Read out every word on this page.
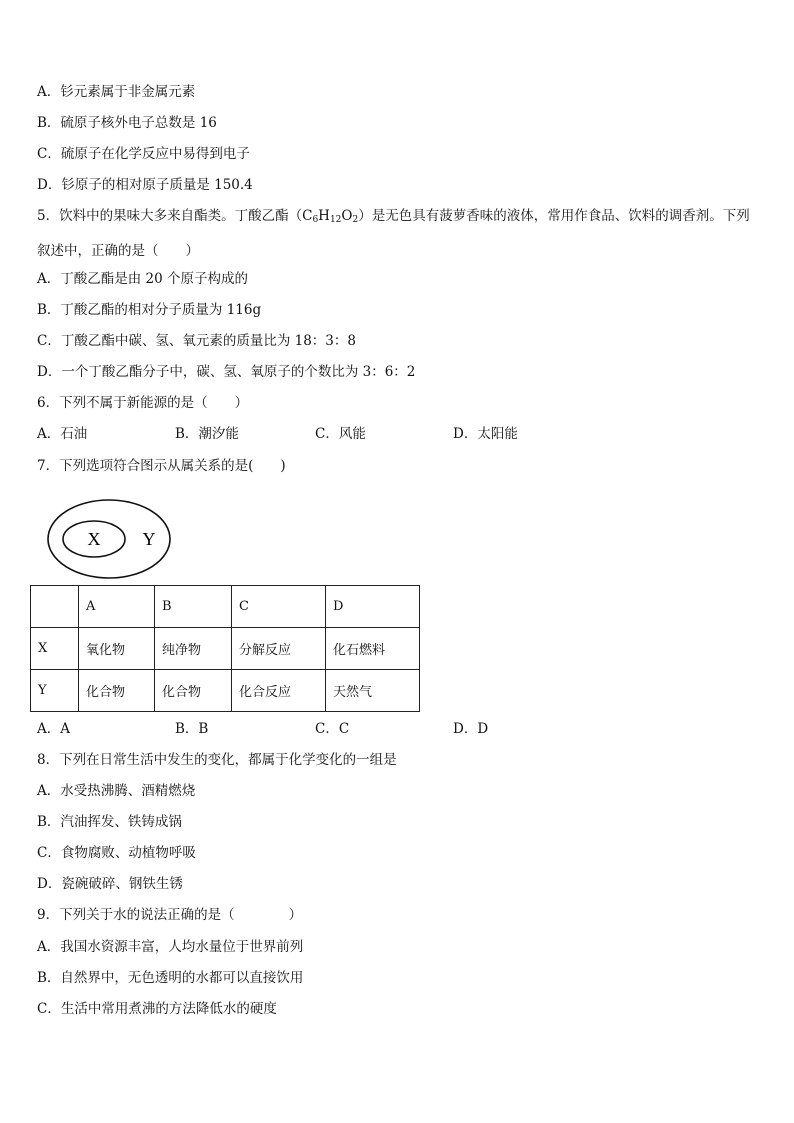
A．钐元素属于非金属元素
B．硫原子核外电子总数是 16
C．硫原子在化学反应中易得到电子
D．钐原子的相对原子质量是 150.4
5．饮料中的果味大多来自酯类。丁酸乙酯$(C_6H_{12}O_2)$是无色具有菠萝香味的液体，常用作食品、饮料的调香剂。下列叙述中，正确的是（　　）
A．丁酸乙酯是由 20 个原子构成的
B．丁酸乙酯的相对分子质量为 116g
C．丁酸乙酯中碳、氢、氧元素的质量比为 18：3：8
D．一个丁酸乙酯分子中，碳、氢、氧原子的个数比为 3：6：2
6．下列不属于新能源的是（　　）
A．石油	B．潮汐能	C．风能	D．太阳能
7．下列选项符合图示从属关系的是(　　)
X Y
	A	B	C	D
X	氧化物	纯净物	分解反应	化石燃料
Y	化合物	化合物	化合反应	天然气
A．A	B．B	C．C	D．D
8．下列在日常生活中发生的变化，都属于化学变化的一组是
A．水受热沸腾、酒精燃烧
B．汽油挥发、铁铸成锅
C．食物腐败、动植物呼吸
D．瓷碗破碎、钢铁生锈
9．下列关于水的说法正确的是（　　　　）
A．我国水资源丰富，人均水量位于世界前列
B．自然界中，无色透明的水都可以直接饮用
C．生活中常用煮沸的方法降低水的硬度
